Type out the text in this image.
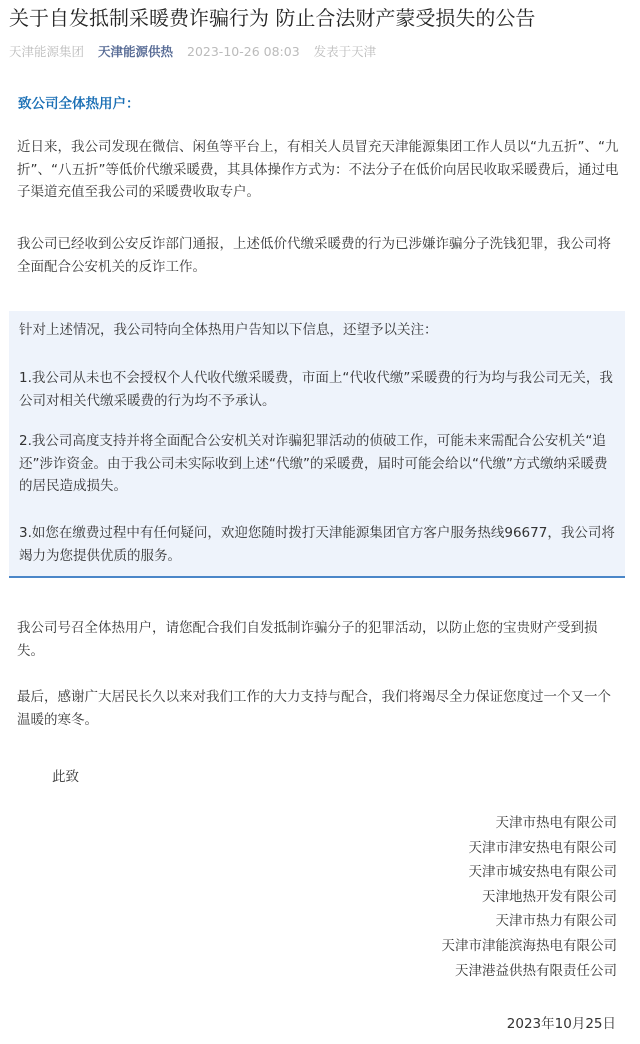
关于自发抵制采暖费诈骗行为 防止合法财产蒙受损失的公告
天津能源集团 天津能源供热 2023-10-26 08:03 发表于天津
致公司全体热用户：

近日来，我公司发现在微信、闲鱼等平台上，有相关人员冒充天津能源集团工作人员以“九五折”、“九折”、“八五折”等低价代缴采暖费，其具体操作方式为：不法分子在低价向居民收取采暖费后，通过电子渠道充值至我公司的采暖费收取专户。

我公司已经收到公安反诈部门通报，上述低价代缴采暖费的行为已涉嫌诈骗分子洗钱犯罪，我公司将全面配合公安机关的反诈工作。

针对上述情况，我公司特向全体热用户告知以下信息，还望予以关注：

1.我公司从未也不会授权个人代收代缴采暖费，市面上“代收代缴”采暖费的行为均与我公司无关，我公司对相关代缴采暖费的行为均不予承认。

2.我公司高度支持并将全面配合公安机关对诈骗犯罪活动的侦破工作，可能未来需配合公安机关“追还”涉诈资金。由于我公司未实际收到上述“代缴”的采暖费，届时可能会给以“代缴”方式缴纳采暖费的居民造成损失。

3.如您在缴费过程中有任何疑问，欢迎您随时拨打天津能源集团官方客户服务热线96677，我公司将竭力为您提供优质的服务。

我公司号召全体热用户，请您配合我们自发抵制诈骗分子的犯罪活动，以防止您的宝贵财产受到损失。

最后，感谢广大居民长久以来对我们工作的大力支持与配合，我们将竭尽全力保证您度过一个又一个温暖的寒冬。

此致
天津市热电有限公司
天津市津安热电有限公司
天津市城安热电有限公司
天津地热开发有限公司
天津市热力有限公司
天津市津能滨海热电有限公司
天津港益供热有限责任公司
2023年10月25日
